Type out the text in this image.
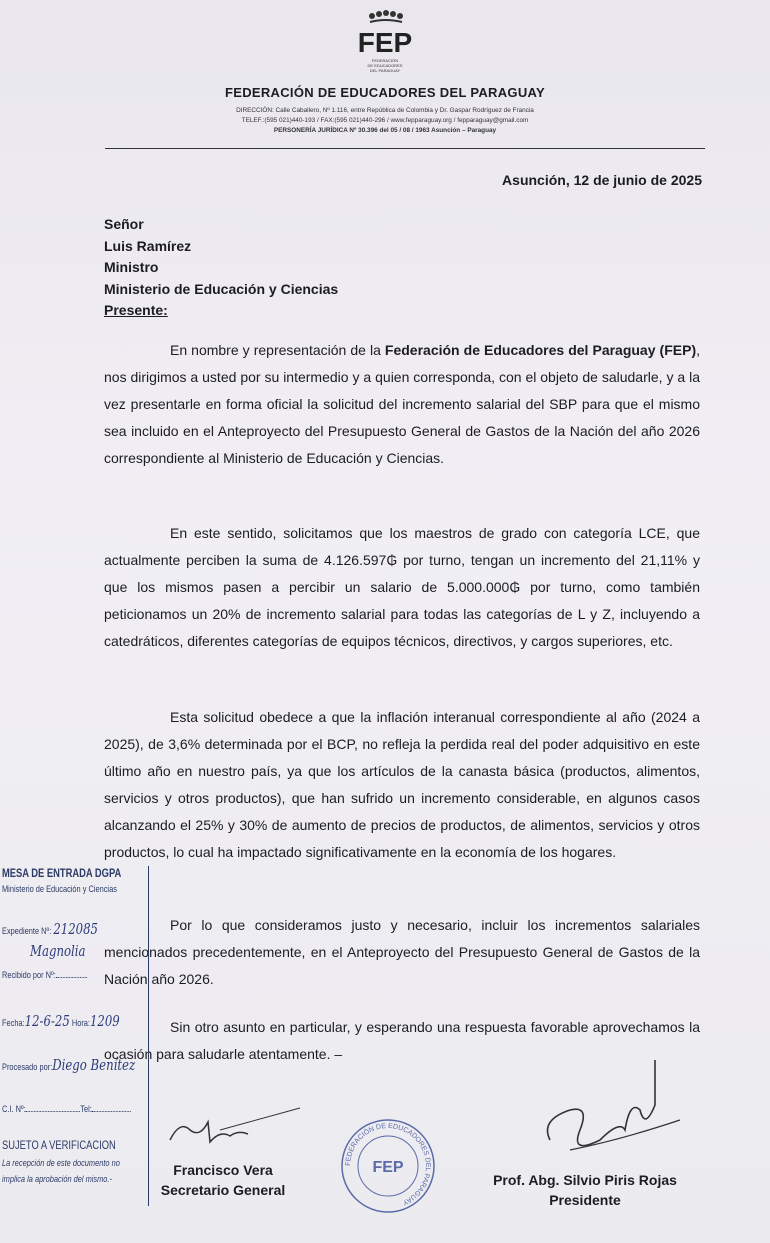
FEP
FEDERACIÓN
DE EDUCADORES
DEL PARAGUAY
FEDERACIÓN DE EDUCADORES DEL PARAGUAY
DIRECCIÓN: Calle Caballero, Nº 1.116, entre República de Colombia y Dr. Gaspar Rodríguez de Francia
TELEF.:(595 021)440-193 / FAX:(595 021)440-296 / www.fepparaguay.org / fepparaguay@gmail.com
PERSONERÍA JURÍDICA Nº 30.396 del 05 / 08 / 1963 Asunción – Paraguay
Asunción, 12 de junio de 2025
Señor
Luis Ramírez
Ministro
Ministerio de Educación y Ciencias
Presente:
En nombre y representación de la Federación de Educadores del Paraguay (FEP), nos dirigimos a usted por su intermedio y a quien corresponda, con el objeto de saludarle, y a la vez presentarle en forma oficial la solicitud del incremento salarial del SBP para que el mismo sea incluido en el Anteproyecto del Presupuesto General de Gastos de la Nación del año 2026 correspondiente al Ministerio de Educación y Ciencias.
En este sentido, solicitamos que los maestros de grado con categoría LCE, que actualmente perciben la suma de 4.126.597₲ por turno, tengan un incremento del 21,11% y que los mismos pasen a percibir un salario de 5.000.000₲ por turno, como también peticionamos un 20% de incremento salarial para todas las categorías de L y Z, incluyendo a catedráticos, diferentes categorías de equipos técnicos, directivos, y cargos superiores, etc.
Esta solicitud obedece a que la inflación interanual correspondiente al año (2024 a 2025), de 3,6% determinada por el BCP, no refleja la perdida real del poder adquisitivo en este último año en nuestro país, ya que los artículos de la canasta básica (productos, alimentos, servicios y otros productos), que han sufrido un incremento considerable, en algunos casos alcanzando el 25% y 30% de aumento de precios de productos, de alimentos, servicios y otros productos, lo cual ha impactado significativamente en la economía de los hogares.
Por lo que consideramos justo y necesario, incluir los incrementos salariales mencionados precedentemente, en el Anteproyecto del Presupuesto General de Gastos de la Nación año 2026.
Sin otro asunto en particular, y esperando una respuesta favorable aprovechamos la ocasión para saludarle atentamente. –
MESA DE ENTRADA DGPA
Ministerio de Educación y Ciencias
Expediente Nº: 212085
Magnolia
Recibido por Nº:
Fecha:12-6-25 Hora:1209
Procesado por:Diego Benítez
C.I. Nº:	Tel:
SUJETO A VERIFICACION
La recepción de este documento no
implica la aprobación del mismo.-
Francisco Vera
Secretario General
FEDERACIÓN DE EDUCADORES DEL PARAGUAY
FEP
Prof. Abg. Silvio Piris Rojas
Presidente
